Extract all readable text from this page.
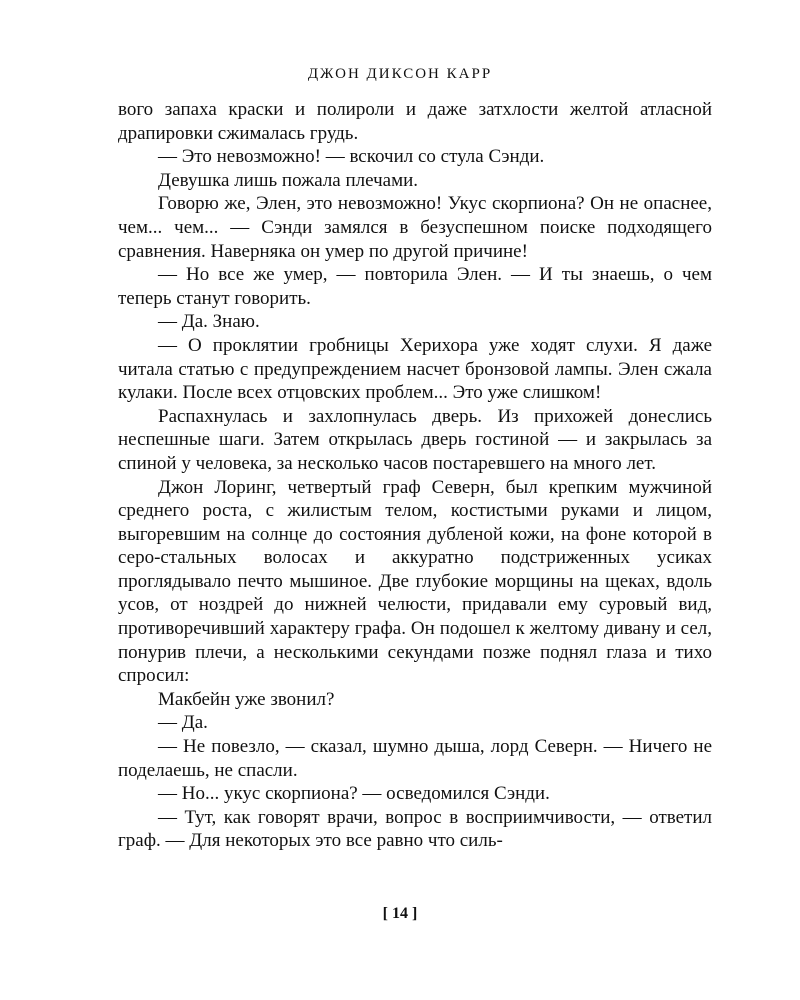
ДЖОН ДИКСОН КАРР

вого запаха краски и полироли и даже затхлости желтой атласной драпировки сжималась грудь.

— Это невозможно! — вскочил со стула Сэнди.

Девушка лишь пожала плечами.

Говорю же, Элен, это невозможно! Укус скорпиона? Он не опаснее, чем... чем... — Сэнди замялся в безуспешном поиске подходящего сравнения. Наверняка он умер по другой причине!

— Но все же умер, — повторила Элен. — И ты знаешь, о чем теперь станут говорить.

— Да. Знаю.

— О проклятии гробницы Херихора уже ходят слухи. Я даже читала статью с предупреждением насчет бронзовой лампы. Элен сжала кулаки. После всех отцовских проблем... Это уже слишком!

Распахнулась и захлопнулась дверь. Из прихожей донеслись неспешные шаги. Затем открылась дверь гостиной — и закрылась за спиной у человека, за несколько часов постаревшего на много лет.

Джон Лоринг, четвертый граф Северн, был крепким мужчиной среднего роста, с жилистым телом, костистыми руками и лицом, выгоревшим на солнце до состояния дубленой кожи, на фоне которой в серо-стальных волосах и аккуратно подстриженных усиках проглядывало печто мышиное. Две глубокие морщины на щеках, вдоль усов, от ноздрей до нижней челюсти, придавали ему суровый вид, противоречивший характеру графа. Он подошел к желтому дивану и сел, понурив плечи, а несколькими секундами позже поднял глаза и тихо спросил:

Макбейн уже звонил?

— Да.

— Не повезло, — сказал, шумно дыша, лорд Северн. — Ничего не поделаешь, не спасли.

— Но... укус скорпиона? — осведомился Сэнди.

— Тут, как говорят врачи, вопрос в восприимчивости, — ответил граф. — Для некоторых это все равно что силь-

[ 14 ]
